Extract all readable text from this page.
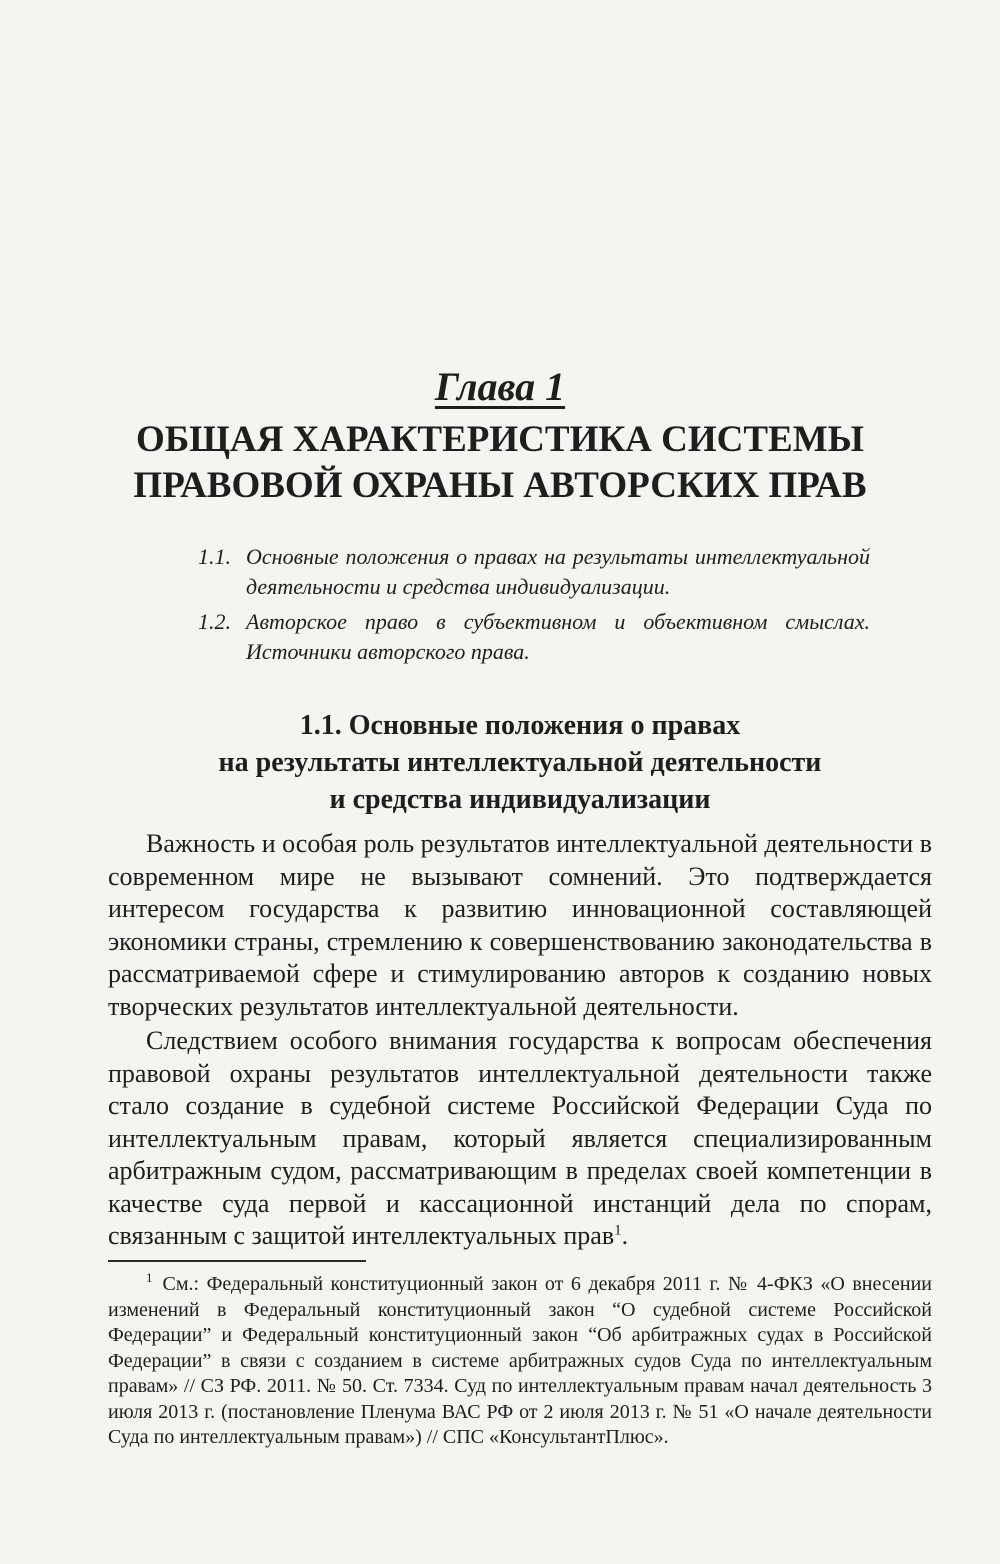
Глава 1
ОБЩАЯ ХАРАКТЕРИСТИКА СИСТЕМЫ
ПРАВОВОЙ ОХРАНЫ АВТОРСКИХ ПРАВ
1.1. Основные положения о правах на результаты интеллектуальной деятельности и средства индивидуализации.
1.2. Авторское право в субъективном и объективном смыслах. Источники авторского права.
1.1. Основные положения о правах
на результаты интеллектуальной деятельности
и средства индивидуализации

Важность и особая роль результатов интеллектуальной деятельности в современном мире не вызывают сомнений. Это подтверждается интересом государства к развитию инновационной составляющей экономики страны, стремлению к совершенствованию законодательства в рассматриваемой сфере и стимулированию авторов к созданию новых творческих результатов интеллектуальной деятельности.

Следствием особого внимания государства к вопросам обеспечения правовой охраны результатов интеллектуальной деятельности также стало создание в судебной системе Российской Федерации Суда по интеллектуальным правам, который является специализированным арбитражным судом, рассматривающим в пределах своей компетенции в качестве суда первой и кассационной инстанций дела по спорам, связанным с защитой интеллектуальных прав$^1$.

$^1$ См.: Федеральный конституционный закон от 6 декабря 2011 г. № 4-ФКЗ «О внесении изменений в Федеральный конституционный закон “О судебной системе Российской Федерации” и Федеральный конституционный закон “Об арбитражных судах в Российской Федерации” в связи с созданием в системе арбитражных судов Суда по интеллектуальным правам» // СЗ РФ. 2011. № 50. Ст. 7334. Суд по интеллектуальным правам начал деятельность 3 июля 2013 г. (постановление Пленума ВАС РФ от 2 июля 2013 г. № 51 «О начале деятельности Суда по интеллектуальным правам») // СПС «КонсультантПлюс».
